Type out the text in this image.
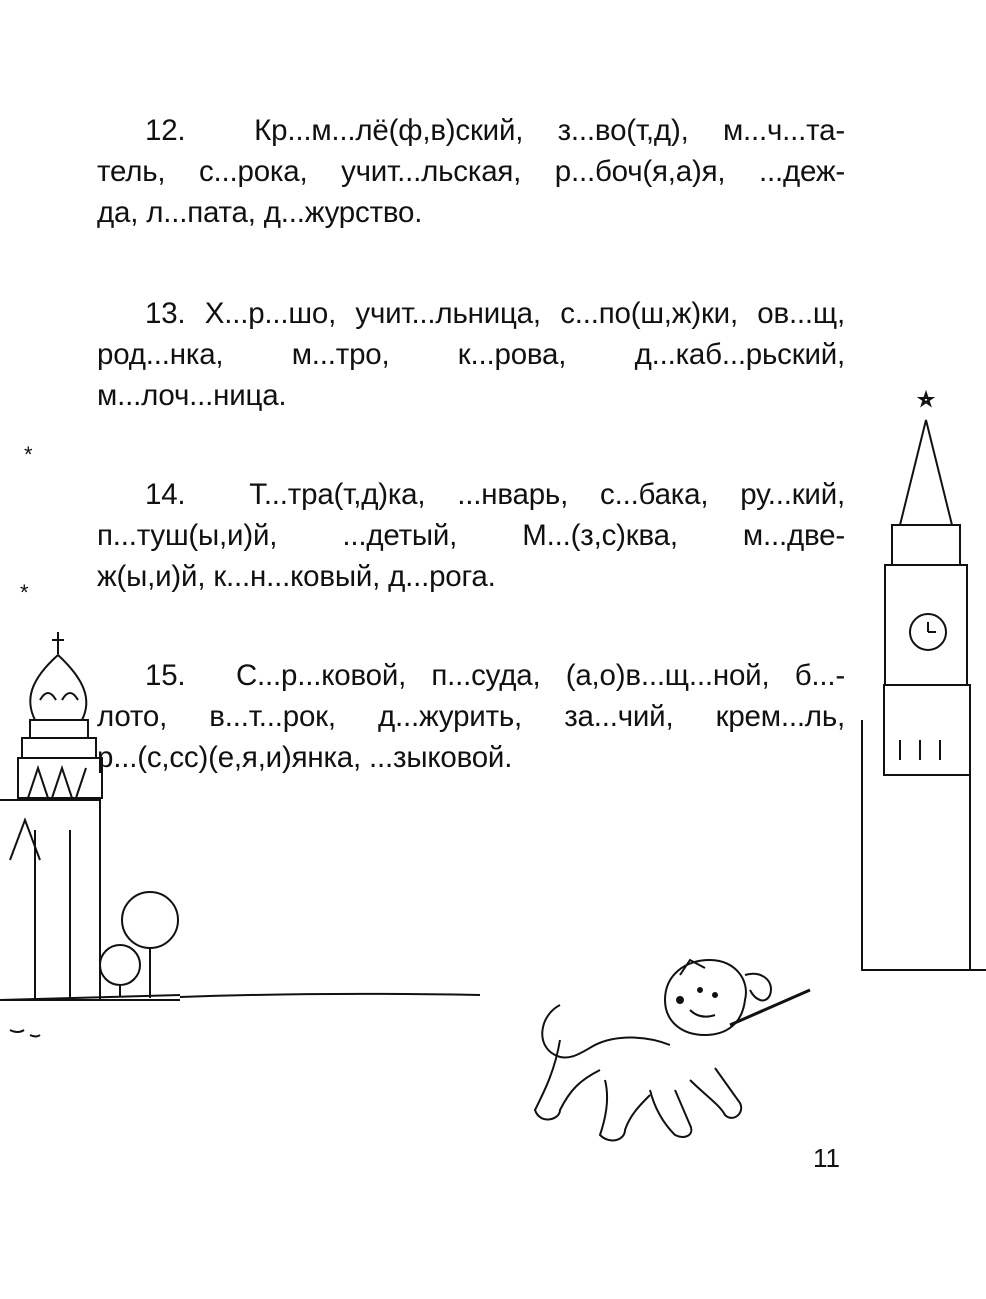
*
*
12. Кр...м...лё(ф,в)ский, з...во(т,д), м...ч...та-
тель, с...рока, учит...льская, р...боч(я,а)я, ...деж-
да, л...пата, д...журство.
13. Х...р...шо, учит...льница, с...по(ш,ж)ки, ов...щ,
род...нка, м...тро, к...рова, д...каб...рьский,
м...лоч...ница.
14. Т...тра(т,д)ка, ...нварь, с...бака, ру...кий,
п...туш(ы,и)й, ...детый, М...(з,с)ква, м...две-
ж(ы,и)й, к...н...ковый, д...рога.
15. С...р...ковой, п...суда, (а,о)в...щ...ной, б...-
лото, в...т...рок, д...журить, за...чий, крем...ль,
р...(с,сс)(е,я,и)янка, ...зыковой.
11
